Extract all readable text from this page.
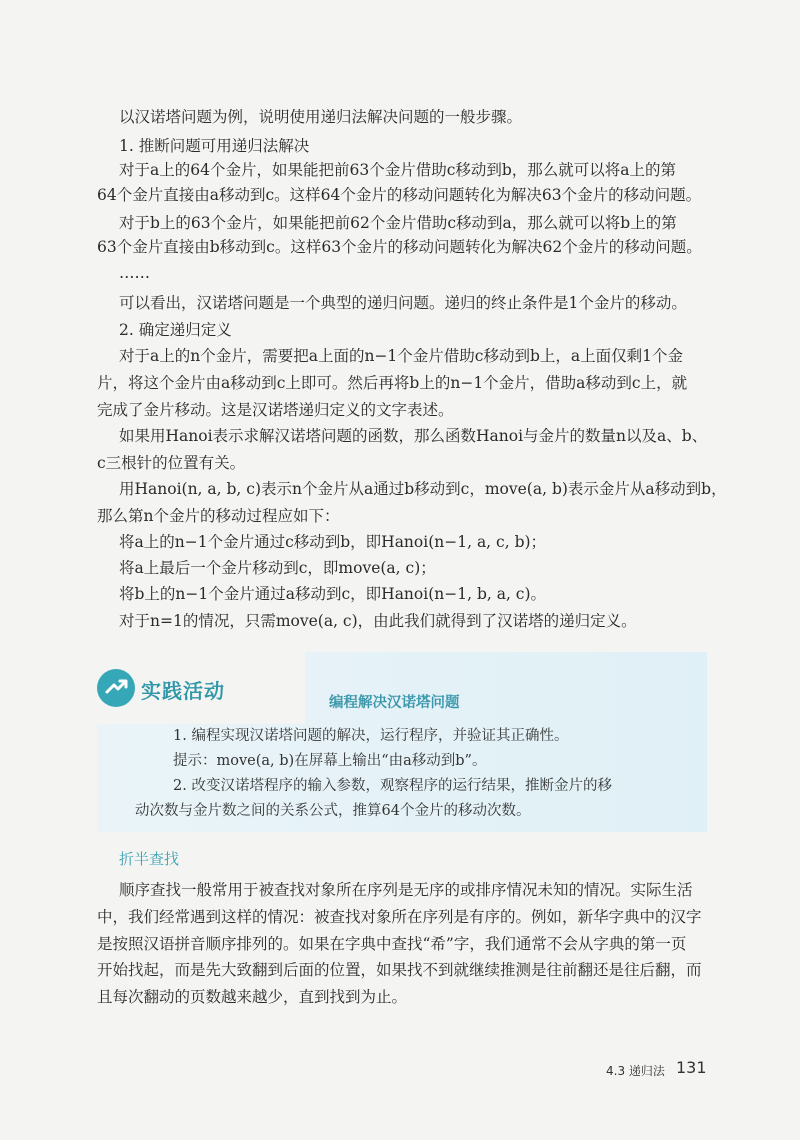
以汉诺塔问题为例，说明使用递归法解决问题的一般步骤。
1. 推断问题可用递归法解决
对于a上的64个金片，如果能把前63个金片借助c移动到b，那么就可以将a上的第
64个金片直接由a移动到c。这样64个金片的移动问题转化为解决63个金片的移动问题。
对于b上的63个金片，如果能把前62个金片借助c移动到a，那么就可以将b上的第
63个金片直接由b移动到c。这样63个金片的移动问题转化为解决62个金片的移动问题。
……
可以看出，汉诺塔问题是一个典型的递归问题。递归的终止条件是1个金片的移动。
2. 确定递归定义
对于a上的n个金片，需要把a上面的n−1个金片借助c移动到b上，a上面仅剩1个金
片，将这个金片由a移动到c上即可。然后再将b上的n−1个金片，借助a移动到c上，就
完成了金片移动。这是汉诺塔递归定义的文字表述。
如果用Hanoi表示求解汉诺塔问题的函数，那么函数Hanoi与金片的数量n以及a、b、
c三根针的位置有关。
用Hanoi(n, a, b, c)表示n个金片从a通过b移动到c，move(a, b)表示金片从a移动到b，
那么第n个金片的移动过程应如下：
将a上的n−1个金片通过c移动到b，即Hanoi(n−1, a, c, b)；
将a上最后一个金片移动到c，即move(a, c)；
将b上的n−1个金片通过a移动到c，即Hanoi(n−1, b, a, c)。
对于n=1的情况，只需move(a, c)，由此我们就得到了汉诺塔的递归定义。
实践活动	编程解决汉诺塔问题
1. 编程实现汉诺塔问题的解决，运行程序，并验证其正确性。
提示：move(a, b)在屏幕上输出“由a移动到b”。
2. 改变汉诺塔程序的输入参数，观察程序的运行结果，推断金片的移
动次数与金片数之间的关系公式，推算64个金片的移动次数。
折半查找
顺序查找一般常用于被查找对象所在序列是无序的或排序情况未知的情况。实际生活
中，我们经常遇到这样的情况：被查找对象所在序列是有序的。例如，新华字典中的汉字
是按照汉语拼音顺序排列的。如果在字典中查找“希”字，我们通常不会从字典的第一页
开始找起，而是先大致翻到后面的位置，如果找不到就继续推测是往前翻还是往后翻，而
且每次翻动的页数越来越少，直到找到为止。
4.3 递归法 131
